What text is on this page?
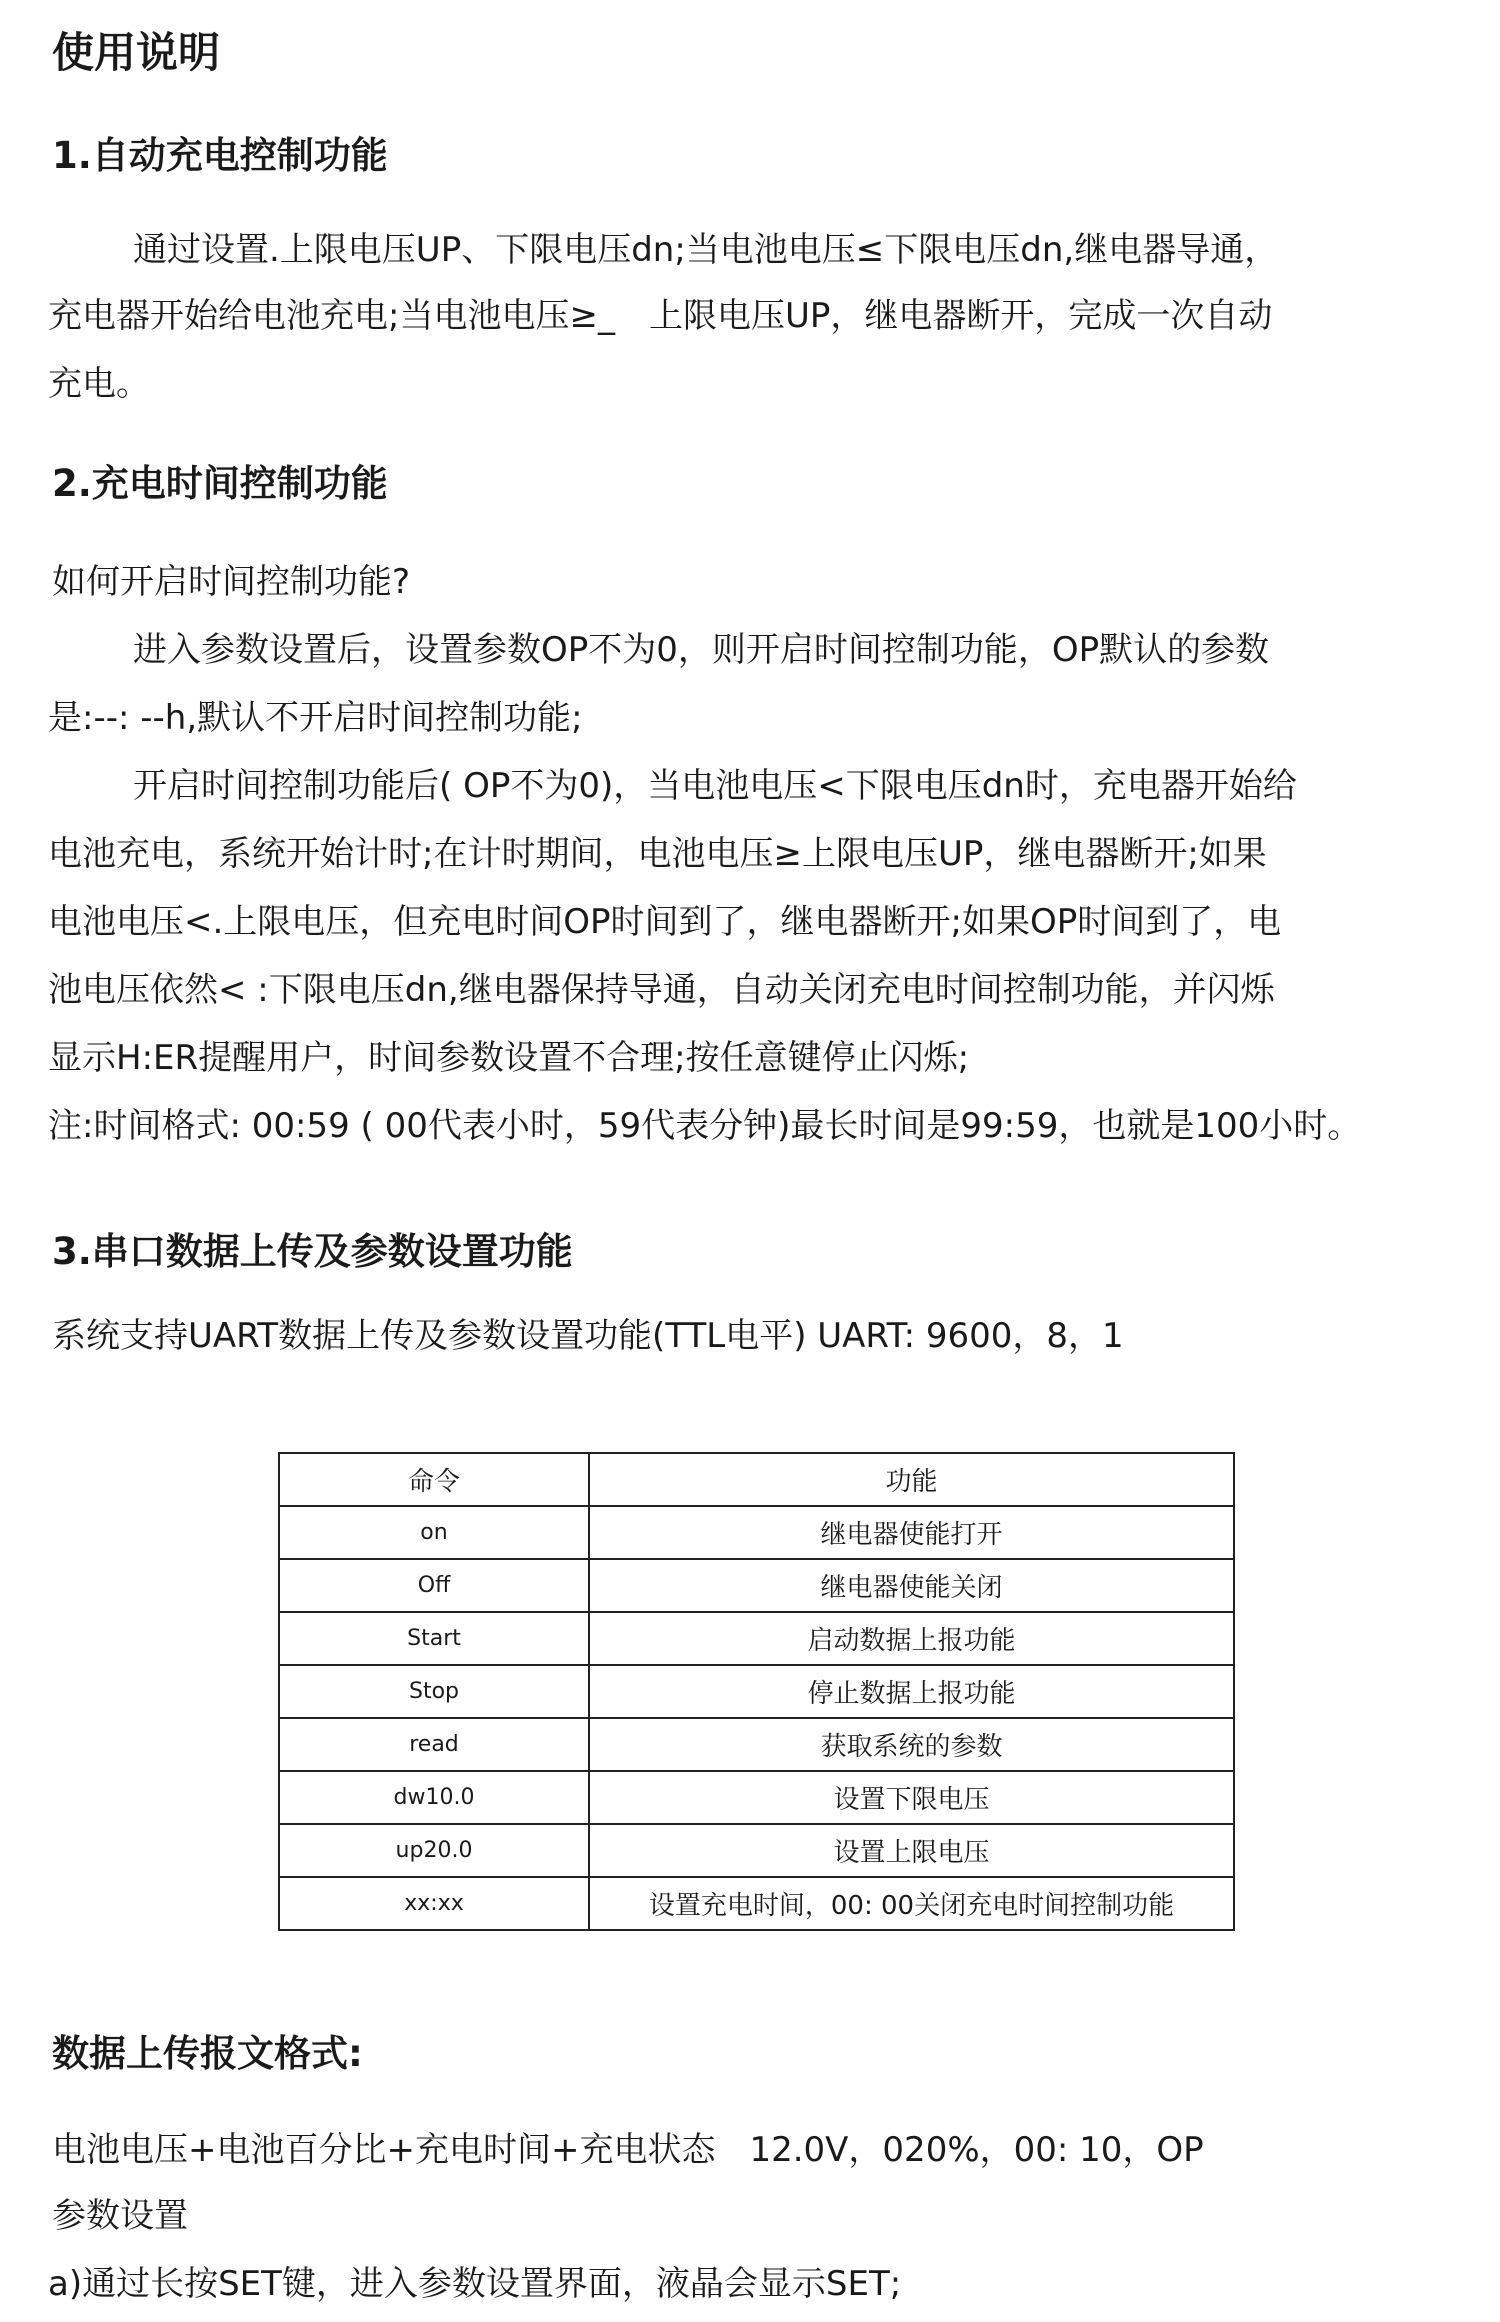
使用说明
1.自动充电控制功能

通过设置.上限电压UP、下限电压dn;当电池电压≤下限电压dn,继电器导通，

充电器开始给电池充电;当电池电压≥_　上限电压UP，继电器断开，完成一次自动

充电。

2.充电时间控制功能

如何开启时间控制功能?

进入参数设置后，设置参数OP不为0，则开启时间控制功能，OP默认的参数

是:--: --h,默认不开启时间控制功能;

开启时间控制功能后( OP不为0)，当电池电压<下限电压dn时，充电器开始给

电池充电，系统开始计时;在计时期间，电池电压≥上限电压UP，继电器断开;如果

电池电压<.上限电压，但充电时间OP时间到了，继电器断开;如果OP时间到了，电

池电压依然< :下限电压dn,继电器保持导通，自动关闭充电时间控制功能，并闪烁

显示H:ER提醒用户，时间参数设置不合理;按任意键停止闪烁;

注:时间格式: 00:59 ( 00代表小时，59代表分钟)最长时间是99:59，也就是100小时。

3.串口数据上传及参数设置功能

系统支持UART数据上传及参数设置功能(TTL电平) UART: 9600，8，1

命令	功能
on	继电器使能打开
Off	继电器使能关闭
Start	启动数据上报功能
Stop	停止数据上报功能
read	获取系统的参数
dw10.0	设置下限电压
up20.0	设置上限电压
xx:xx	设置充电时间，00: 00关闭充电时间控制功能
数据上传报文格式:

电池电压+电池百分比+充电时间+充电状态　12.0V，020%，00: 10，OP

参数设置

a)通过长按SET键，进入参数设置界面，液晶会显示SET;
